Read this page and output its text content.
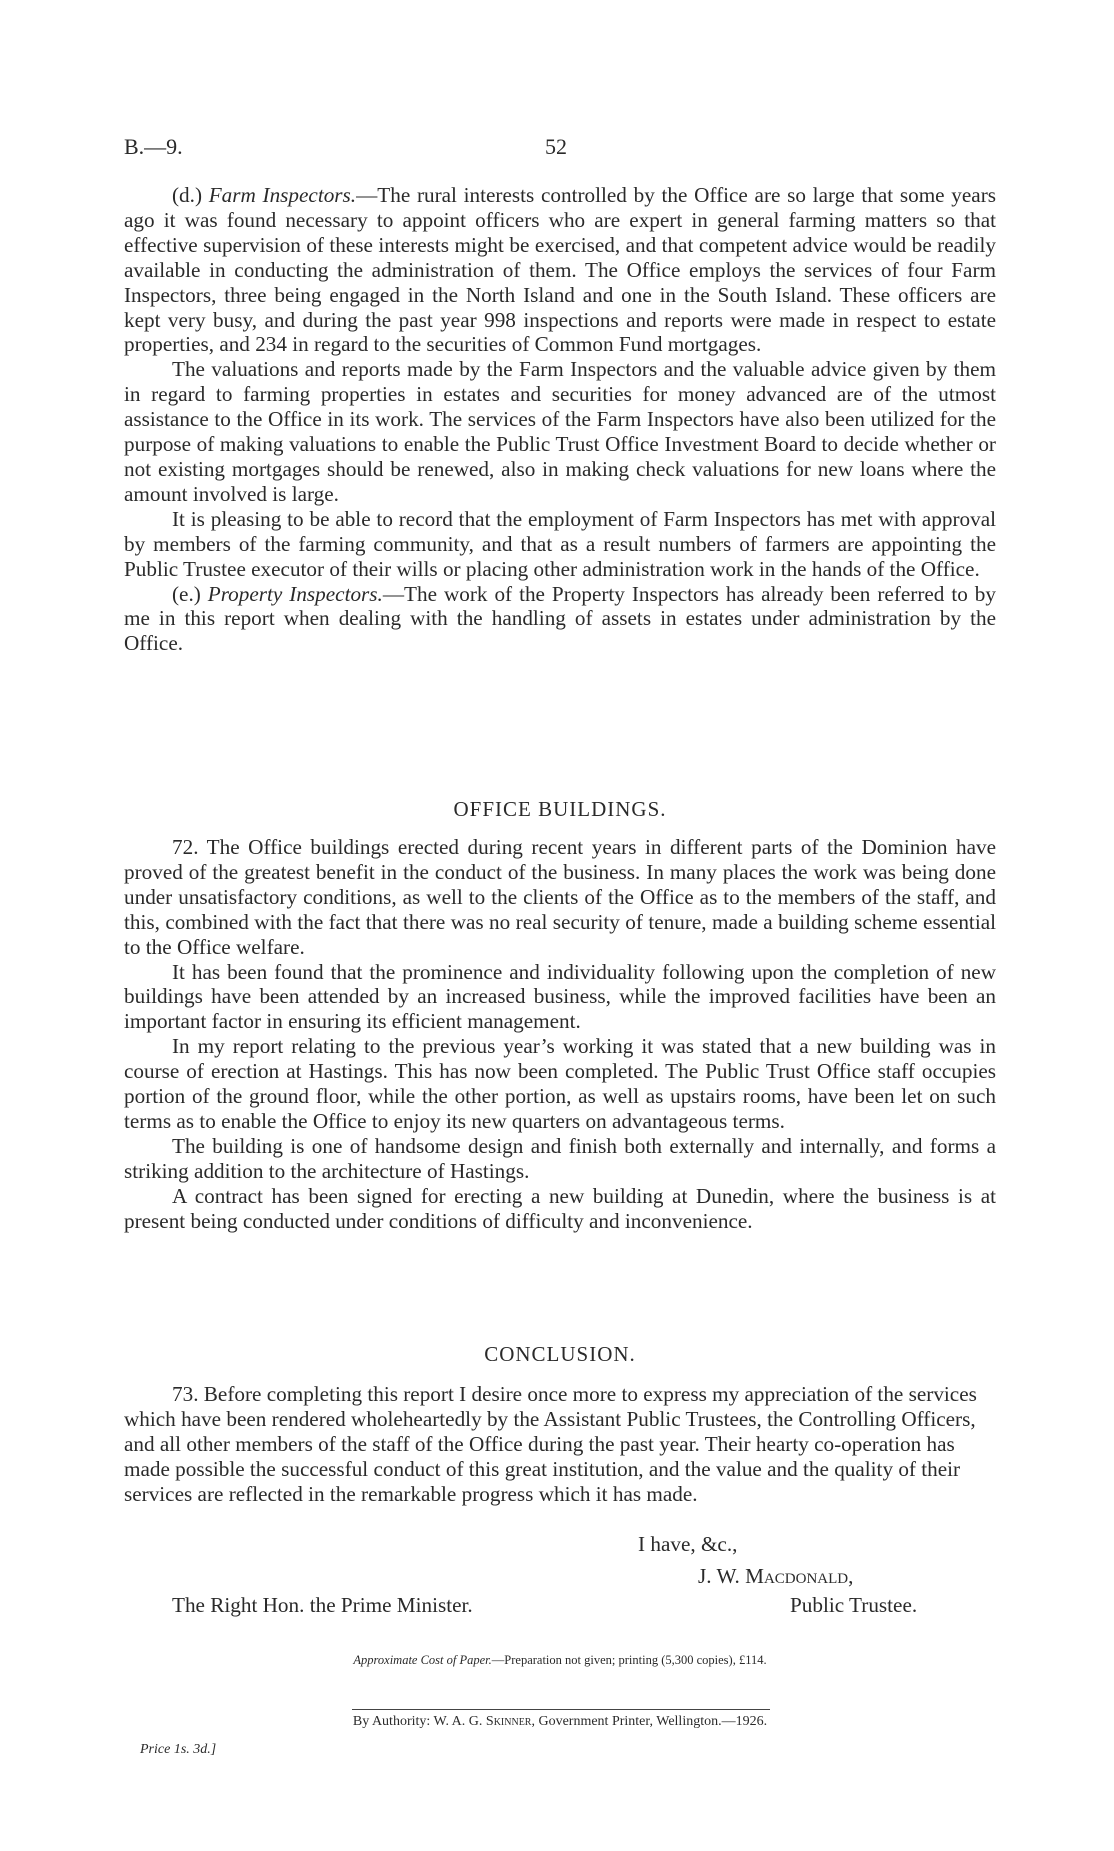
B.—9.	52

(d.) Farm Inspectors.—The rural interests controlled by the Office are so large that some years ago it was found necessary to appoint officers who are expert in general farming matters so that effective supervision of these interests might be exercised, and that competent advice would be readily available in conducting the administration of them. The Office employs the services of four Farm Inspectors, three being engaged in the North Island and one in the South Island. These officers are kept very busy, and during the past year 998 inspections and reports were made in respect to estate properties, and 234 in regard to the securities of Common Fund mortgages.

The valuations and reports made by the Farm Inspectors and the valuable advice given by them in regard to farming properties in estates and securities for money advanced are of the utmost assistance to the Office in its work. The services of the Farm Inspectors have also been utilized for the purpose of making valuations to enable the Public Trust Office Investment Board to decide whether or not existing mortgages should be renewed, also in making check valuations for new loans where the amount involved is large.

It is pleasing to be able to record that the employment of Farm Inspectors has met with approval by members of the farming community, and that as a result numbers of farmers are appointing the Public Trustee executor of their wills or placing other administration work in the hands of the Office.

(e.) Property Inspectors.—The work of the Property Inspectors has already been referred to by me in this report when dealing with the handling of assets in estates under administration by the Office.

OFFICE BUILDINGS.

72. The Office buildings erected during recent years in different parts of the Dominion have proved of the greatest benefit in the conduct of the business. In many places the work was being done under unsatisfactory conditions, as well to the clients of the Office as to the members of the staff, and this, combined with the fact that there was no real security of tenure, made a building scheme essential to the Office welfare.

It has been found that the prominence and individuality following upon the completion of new buildings have been attended by an increased business, while the improved facilities have been an important factor in ensuring its efficient management.

In my report relating to the previous year’s working it was stated that a new building was in course of erection at Hastings. This has now been completed. The Public Trust Office staff occupies portion of the ground floor, while the other portion, as well as upstairs rooms, have been let on such terms as to enable the Office to enjoy its new quarters on advantageous terms.

The building is one of handsome design and finish both externally and internally, and forms a striking addition to the architecture of Hastings.

A contract has been signed for erecting a new building at Dunedin, where the business is at present being conducted under conditions of difficulty and inconvenience.

CONCLUSION.

73. Before completing this report I desire once more to express my appreciation of the services which have been rendered wholeheartedly by the Assistant Public Trustees, the Controlling Officers, and all other members of the staff of the Office during the past year. Their hearty co-operation has made possible the successful conduct of this great institution, and the value and the quality of their services are reflected in the remarkable progress which it has made.

I have, &c.,
J. W. Macdonald,
The Right Hon. the Prime Minister.	Public Trustee.
Approximate Cost of Paper.—Preparation not given; printing (5,300 copies), £114.
By Authority: W. A. G. Skinner, Government Printer, Wellington.—1926.
Price 1s. 3d.]
